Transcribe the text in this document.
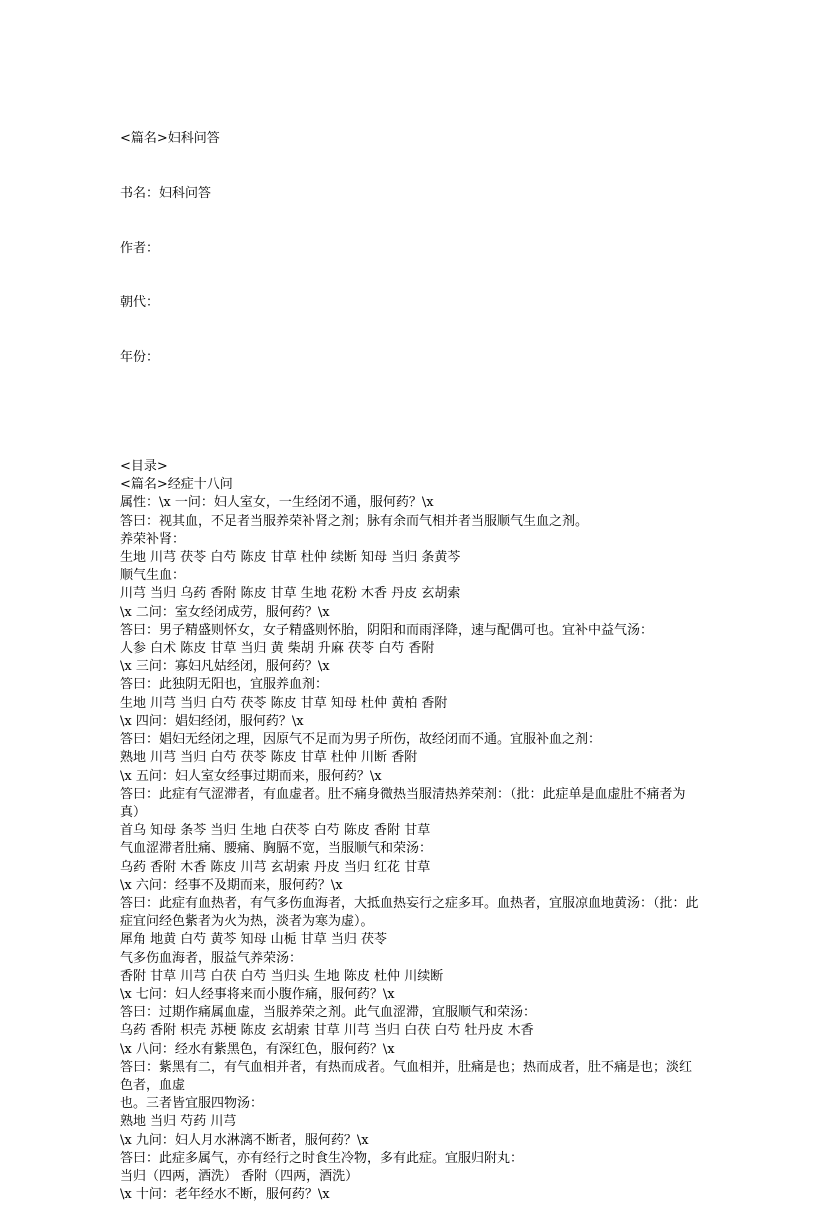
<篇名>妇科问答

书名：妇科问答

作者：

朝代：

年份：

<目录>
<篇名>经症十八问
属性：\x 一问：妇人室女，一生经闭不通，服何药？\x
答曰：视其血，不足者当服养荣补肾之剂；脉有余而气相并者当服顺气生血之剂。
养荣补肾：
生地 川芎 茯苓 白芍 陈皮 甘草 杜仲 续断 知母 当归 条黄芩
顺气生血：
川芎 当归 乌药 香附 陈皮 甘草 生地 花粉 木香 丹皮 玄胡索
\x 二问：室女经闭成劳，服何药？\x
答曰：男子精盛则怀女，女子精盛则怀胎，阴阳和而雨泽降，速与配偶可也。宜补中益气汤：
人参 白术 陈皮 甘草 当归 黄 柴胡 升麻 茯苓 白芍 香附
\x 三问：寡妇凡姑经闭，服何药？\x
答曰：此独阴无阳也，宜服养血剂：
生地 川芎 当归 白芍 茯苓 陈皮 甘草 知母 杜仲 黄柏 香附
\x 四问：娼妇经闭，服何药？\x
答曰：娼妇无经闭之理，因原气不足而为男子所伤，故经闭而不通。宜服补血之剂：
熟地 川芎 当归 白芍 茯苓 陈皮 甘草 杜仲 川断 香附
\x 五问：妇人室女经事过期而来，服何药？\x
答曰：此症有气涩滞者，有血虚者。肚不痛身微热当服清热养荣剂：（批：此症单是血虚肚不痛者为真）
首乌 知母 条芩 当归 生地 白茯苓 白芍 陈皮 香附 甘草
气血涩滞者肚痛、腰痛、胸膈不宽，当服顺气和荣汤：
乌药 香附 木香 陈皮 川芎 玄胡索 丹皮 当归 红花 甘草
\x 六问：经事不及期而来，服何药？\x
答曰：此症有血热者，有气多伤血海者，大抵血热妄行之症多耳。血热者，宜服凉血地黄汤：（批：此症宜问经色紫者为火为热，淡者为寒为虚）。
犀角 地黄 白芍 黄芩 知母 山栀 甘草 当归 茯苓
气多伤血海者，服益气养荣汤：
香附 甘草 川芎 白茯 白芍 当归头 生地 陈皮 杜仲 川续断
\x 七问：妇人经事将来而小腹作痛，服何药？\x
答曰：过期作痛属血虚，当服养荣之剂。此气血涩滞，宜服顺气和荣汤：
乌药 香附 枳壳 苏梗 陈皮 玄胡索 甘草 川芎 当归 白茯 白芍 牡丹皮 木香
\x 八问：经水有紫黑色，有深红色，服何药？\x
答曰：紫黑有二，有气血相并者，有热而成者。气血相并，肚痛是也；热而成者，肚不痛是也；淡红色者，血虚
也。三者皆宜服四物汤：
熟地 当归 芍药 川芎
\x 九问：妇人月水淋漓不断者，服何药？\x
答曰：此症多属气，亦有经行之时食生冷物，多有此症。宜服归附丸：
当归（四两，酒洗） 香附（四两，酒洗）
\x 十问：老年经水不断，服何药？\x
